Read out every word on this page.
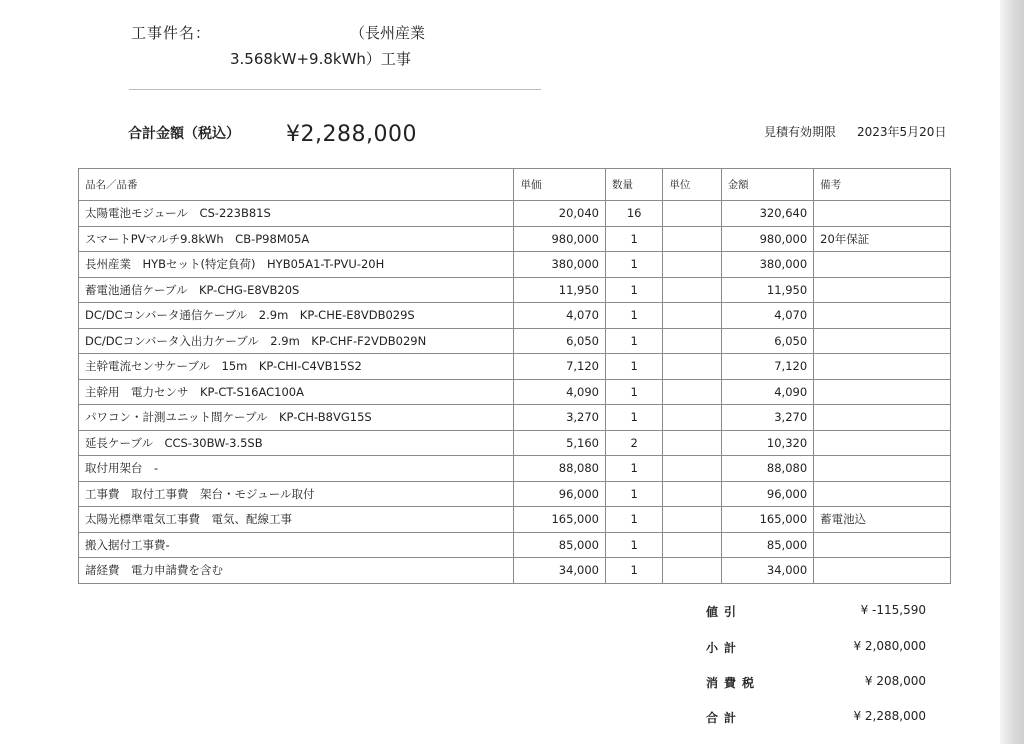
工事件名：	（長州産業
3.568kW+9.8kWh）工事
合計金額（税込） ¥2,288,000	見積有効期限 2023年5月20日
品名／品番	単価	数量	単位	金額	備考
太陽電池モジュール　CS-223B81S	20,040	16		320,640	
スマートPVマルチ9.8kWh　CB-P98M05A	980,000	1		980,000	20年保証
長州産業　HYBセット(特定負荷)　HYB05A1-T-PVU-20H	380,000	1		380,000	
蓄電池通信ケーブル　KP-CHG-E8VB20S	11,950	1		11,950	
DC/DCコンバータ通信ケーブル　2.9m　KP-CHE-E8VDB029S	4,070	1		4,070	
DC/DCコンバータ入出力ケーブル　2.9m　KP-CHF-F2VDB029N	6,050	1		6,050	
主幹電流センサケーブル　15m　KP-CHI-C4VB15S2	7,120	1		7,120	
主幹用　電力センサ　KP-CT-S16AC100A	4,090	1		4,090	
パワコン・計測ユニット間ケーブル　KP-CH-B8VG15S	3,270	1		3,270	
延長ケーブル　CCS-30BW-3.5SB	5,160	2		10,320	
取付用架台　-	88,080	1		88,080	
工事費　取付工事費　架台・モジュール取付	96,000	1		96,000	
太陽光標準電気工事費　電気、配線工事	165,000	1		165,000	蓄電池込
搬入据付工事費-	85,000	1		85,000	
諸経費　電力申請費を含む	34,000	1		34,000	
値引	¥ -115,590
小計	¥ 2,080,000
消費税	¥ 208,000
合計	¥ 2,288,000
